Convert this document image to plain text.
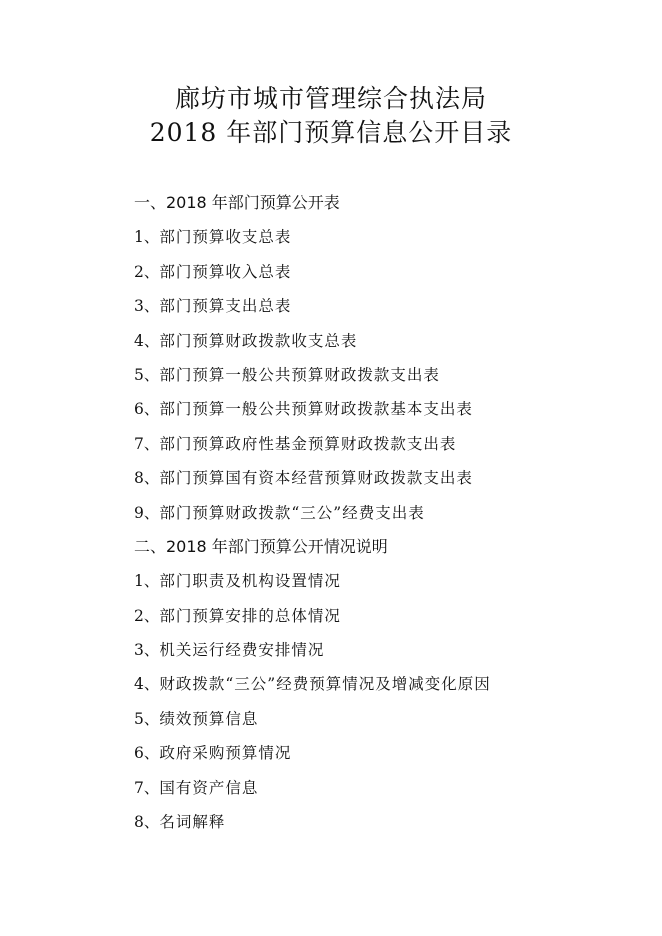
廊坊市城市管理综合执法局
2018 年部门预算信息公开目录
一、2018 年部门预算公开表
1、部门预算收支总表
2、部门预算收入总表
3、部门预算支出总表
4、部门预算财政拨款收支总表
5、部门预算一般公共预算财政拨款支出表
6、部门预算一般公共预算财政拨款基本支出表
7、部门预算政府性基金预算财政拨款支出表
8、部门预算国有资本经营预算财政拨款支出表
9、部门预算财政拨款“三公”经费支出表
二、2018 年部门预算公开情况说明
1、部门职责及机构设置情况
2、部门预算安排的总体情况
3、机关运行经费安排情况
4、财政拨款“三公”经费预算情况及增减变化原因
5、绩效预算信息
6、政府采购预算情况
7、国有资产信息
8、名词解释
